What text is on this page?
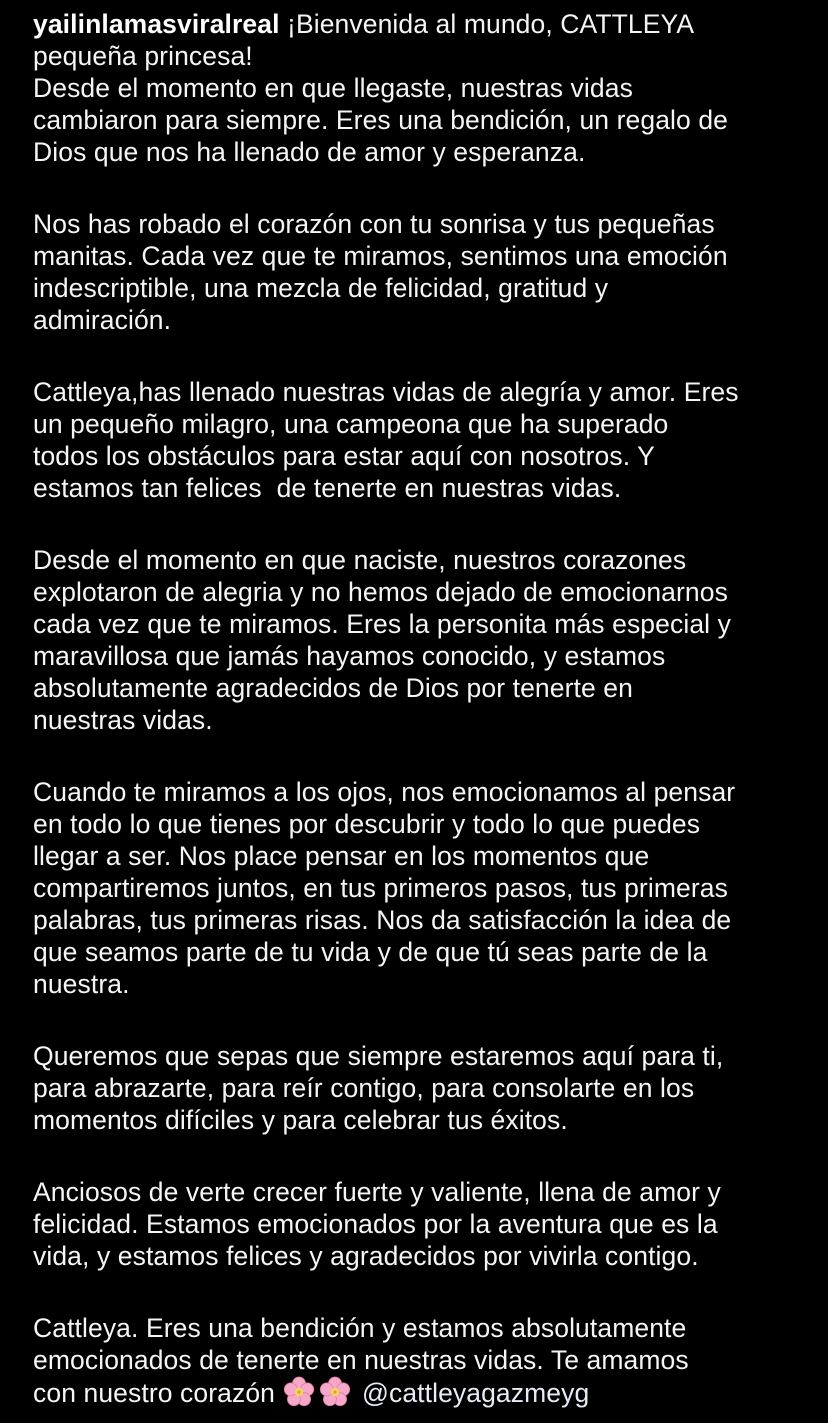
yailinlamasviralreal ¡Bienvenida al mundo, CATTLEYA
pequeña princesa!
Desde el momento en que llegaste, nuestras vidas
cambiaron para siempre. Eres una bendición, un regalo de
Dios que nos ha llenado de amor y esperanza.

Nos has robado el corazón con tu sonrisa y tus pequeñas
manitas. Cada vez que te miramos, sentimos una emoción
indescriptible, una mezcla de felicidad, gratitud y
admiración.

Cattleya,has llenado nuestras vidas de alegría y amor. Eres
un pequeño milagro, una campeona que ha superado
todos los obstáculos para estar aquí con nosotros. Y
estamos tan felices  de tenerte en nuestras vidas.

Desde el momento en que naciste, nuestros corazones
explotaron de alegria y no hemos dejado de emocionarnos
cada vez que te miramos. Eres la personita más especial y
maravillosa que jamás hayamos conocido, y estamos
absolutamente agradecidos de Dios por tenerte en
nuestras vidas.

Cuando te miramos a los ojos, nos emocionamos al pensar
en todo lo que tienes por descubrir y todo lo que puedes
llegar a ser. Nos place pensar en los momentos que
compartiremos juntos, en tus primeros pasos, tus primeras
palabras, tus primeras risas. Nos da satisfacción la idea de
que seamos parte de tu vida y de que tú seas parte de la
nuestra.

Queremos que sepas que siempre estaremos aquí para ti,
para abrazarte, para reír contigo, para consolarte en los
momentos difíciles y para celebrar tus éxitos.

Anciosos de verte crecer fuerte y valiente, llena de amor y
felicidad. Estamos emocionados por la aventura que es la
vida, y estamos felices y agradecidos por vivirla contigo.

Cattleya. Eres una bendición y estamos absolutamente
emocionados de tenerte en nuestras vidas. Te amamos
con nuestro corazón	@cattleyagazmeyg
